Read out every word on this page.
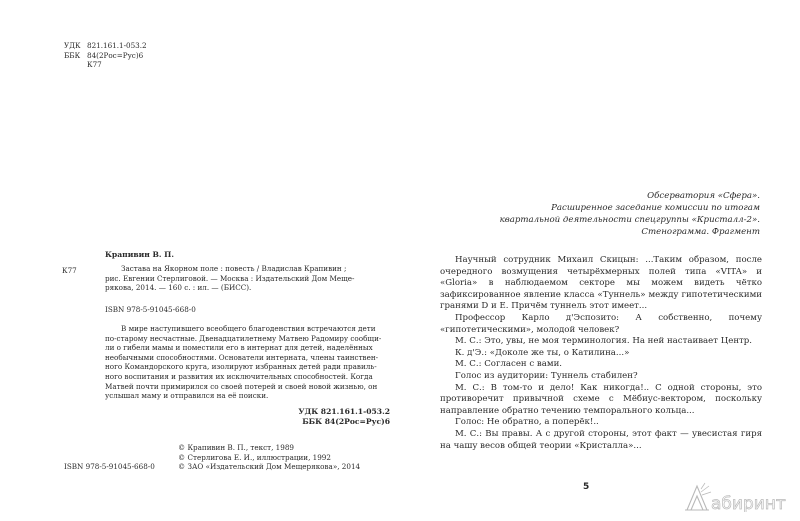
УДК 821.161.1-053.2
ББК 84(2Рос=Рус)6
К77
Крапивин В. П.
К77	Застава на Якорном поле : повесть / Владислав Крапивин ;
рис. Евгении Стерлиговой. — Москва : Издательский Дом Меще-
рякова, 2014. — 160 с. : ил. — (БИСС).
ISBN 978-5-91045-668-0
В мире наступившего всеобщего благоденствия встречаются дети
по-старому несчастные. Двенадцатилетнему Матвею Радомиру сообщи-
ли о гибели мамы и поместили его в интернат для детей, наделённых
необычными способностями. Основатели интерната, члены таинствен-
ного Командорского круга, изолируют избранных детей ради правиль-
ного воспитания и развития их исключительных способностей. Когда
Матвей почти примирился со своей потерей и своей новой жизнью, он
услышал маму и отправился на её поиски.
УДК 821.161.1-053.2
ББК 84(2Рос=Рус)6
© Крапивин В. П., текст, 1989
© Стерлигова Е. И., иллюстрации, 1992
© ЗАО «Издательский Дом Мещерякова», 2014
ISBN 978-5-91045-668-0
Обсерватория «Сфера».
Расширенное заседание комиссии по итогам
квартальной деятельности спецгруппы «Кристалл-2».
Стенограмма. Фрагмент

Научный сотрудник Михаил Скицын: ...Таким образом, после очередного возмущения четырёхмерных полей типа «VITA» и «Gloria» в наблюдаемом секторе мы можем видеть чётко зафиксированное явление класса «Туннель» между гипотетическими гранями D и E. Причём туннель этот имеет...

Профессор Карло д'Эспозито: А собственно, почему «гипотетическими», молодой человек?

М. С.: Это, увы, не моя терминология. На ней настаивает Центр.

К. д'Э.: «Доколе же ты, о Катилина...»

М. С.: Согласен с вами.

Голос из аудитории: Туннель стабилен?

М. С.: В том-то и дело! Как никогда!.. С одной стороны, это противоречит привычной схеме с Мёбиус-вектором, поскольку направление обратно течению темпорального кольца...

Голос: Не обратно, а поперёк!..

М. С.: Вы правы. А с другой стороны, этот факт — увесистая гиря на чашу весов общей теории «Кристалла»...

5
абиринт
